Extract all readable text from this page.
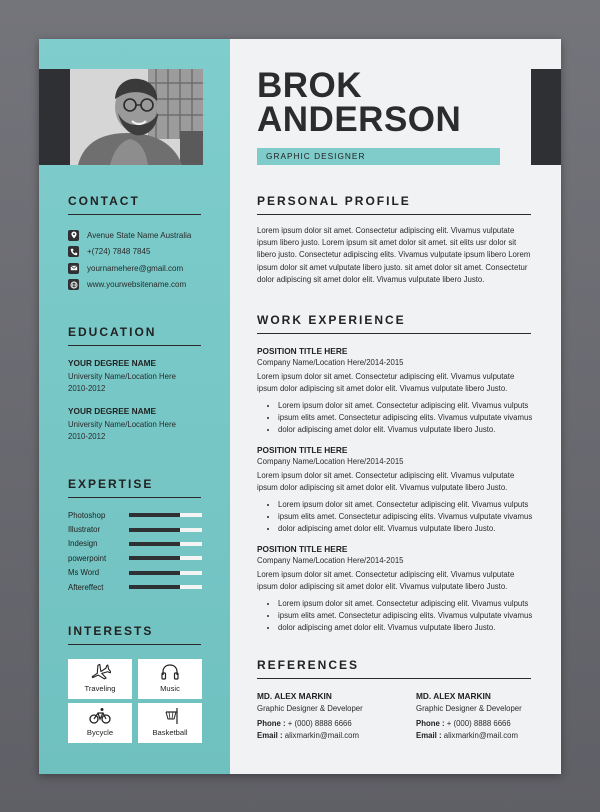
CONTACT
Avenue State Name Australia
+(724) 7848 7845
yournamehere@gmail.com
www.yourwebsitename.com
EDUCATION
YOUR DEGREE NAME
University Name/Location Here
2010-2012
YOUR DEGREE NAME
University Name/Location Here
2010-2012
EXPERTISE
Photoshop
Illustrator
Indesign
powerpoint
Ms Word
Aftereffect
INTERESTS
Traveling	Music
Bycycle	Basketball
BROK
ANDERSON
GRAPHIC DESIGNER
PERSONAL PROFILE
Lorem ipsum dolor sit amet. Consectetur adipiscing elit. Vivamus vulputate ipsum libero justo. Lorem ipsum sit amet dolor sit amet. sit elits usr dolor sit libero justo. Consectetur adipiscing elits. Vivamus vulputate ipsum libero Lorem ipsum dolor sit amet vulputate libero justo. sit amet dolor sit amet. Consectetur dolor adipiscing sit amet dolor elit. Vivamus vulputate libero Justo.
WORK EXPERIENCE
POSITION TITLE HERE
Company Name/Location Here/2014-2015
Lorem ipsum dolor sit amet. Consectetur adipiscing elit. Vivamus vulputate ipsum dolor adipiscing sit amet dolor elit. Vivamus vulputate libero Justo.
• Lorem ipsum dolor sit amet. Consectetur adipiscing elit. Vivamus vulputs
• ipsum elits amet. Consectetur adipiscing elits. Vivamus vulputate vivamus
• dolor adipiscing amet dolor elit. Vivamus vulputate libero Justo.
POSITION TITLE HERE
Company Name/Location Here/2014-2015
Lorem ipsum dolor sit amet. Consectetur adipiscing elit. Vivamus vulputate ipsum dolor adipiscing sit amet dolor elit. Vivamus vulputate libero Justo.
• Lorem ipsum dolor sit amet. Consectetur adipiscing elit. Vivamus vulputs
• ipsum elits amet. Consectetur adipiscing elits. Vivamus vulputate vivamus
• dolor adipiscing amet dolor elit. Vivamus vulputate libero Justo.
POSITION TITLE HERE
Company Name/Location Here/2014-2015
Lorem ipsum dolor sit amet. Consectetur adipiscing elit. Vivamus vulputate ipsum dolor adipiscing sit amet dolor elit. Vivamus vulputate libero Justo.
• Lorem ipsum dolor sit amet. Consectetur adipiscing elit. Vivamus vulputs
• ipsum elits amet. Consectetur adipiscing elits. Vivamus vulputate vivamus
• dolor adipiscing amet dolor elit. Vivamus vulputate libero Justo.
REFERENCES
MD. ALEX MARKIN
Graphic Designer & Developer
Phone : + (000) 8888 6666
Email : alixmarkin@mail.com
MD. ALEX MARKIN
Graphic Designer & Developer
Phone : + (000) 8888 6666
Email : alixmarkin@mail.com
